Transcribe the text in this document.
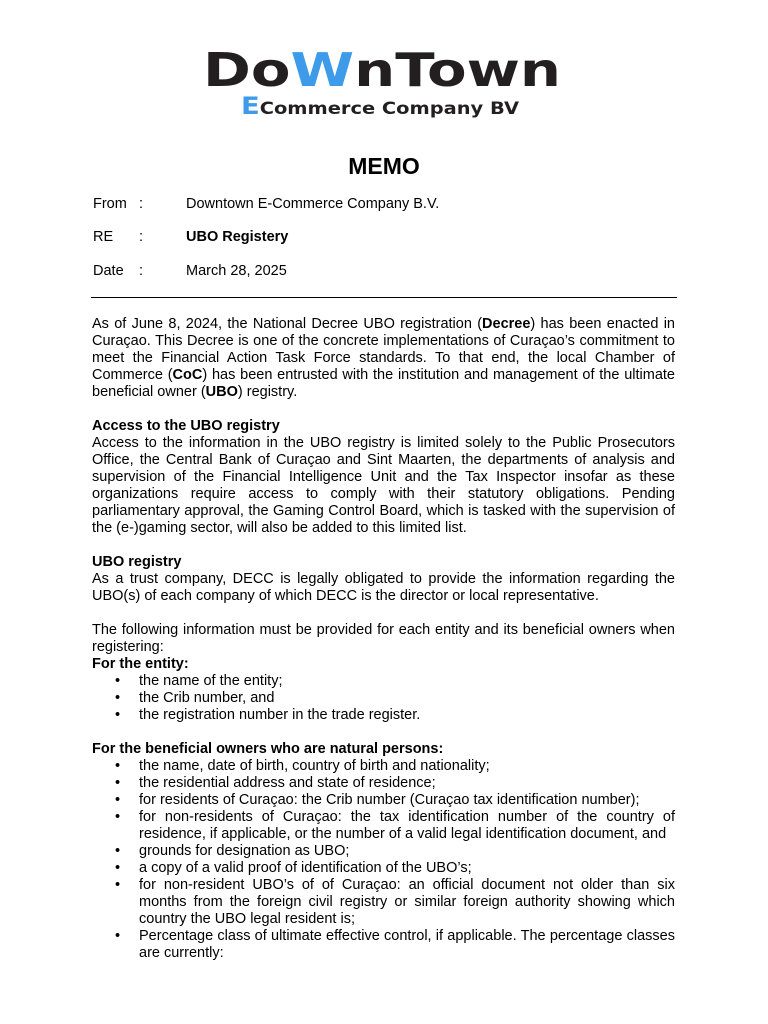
Do W nTown
E Commerce Company BV
MEMO
From :	Downtown E-Commerce Company B.V.
RE :	UBO Registery
Date :	March 28, 2025

As of June 8, 2024, the National Decree UBO registration (Decree) has been enacted in Curaçao. This Decree is one of the concrete implementations of Curaçao’s commitment to meet the Financial Action Task Force standards. To that end, the local Chamber of Commerce (CoC) has been entrusted with the institution and management of the ultimate beneficial owner (UBO) registry.

Access to the UBO registry

Access to the information in the UBO registry is limited solely to the Public Prosecutors Office, the Central Bank of Curaçao and Sint Maarten, the departments of analysis and supervision of the Financial Intelligence Unit and the Tax Inspector insofar as these organizations require access to comply with their statutory obligations. Pending parliamentary approval, the Gaming Control Board, which is tasked with the supervision of the (e-)gaming sector, will also be added to this limited list.

UBO registry

As a trust company, DECC is legally obligated to provide the information regarding the UBO(s) of each company of which DECC is the director or local representative.

The following information must be provided for each entity and its beneficial owners when registering:

For the entity:
• the name of the entity;
• the Crib number, and
• the registration number in the trade register.
For the beneficial owners who are natural persons:
• the name, date of birth, country of birth and nationality;
• the residential address and state of residence;
• for residents of Curaçao: the Crib number (Curaçao tax identification number);
• for non-residents of Curaçao: the tax identification number of the country of residence, if applicable, or the number of a valid legal identification document, and
• grounds for designation as UBO;
• a copy of a valid proof of identification of the UBO’s;
• for non-resident UBO’s of of Curaçao: an official document not older than six months from the foreign civil registry or similar foreign authority showing which country the UBO legal resident is;
• Percentage class of ultimate effective control, if applicable. The percentage classes are currently:
